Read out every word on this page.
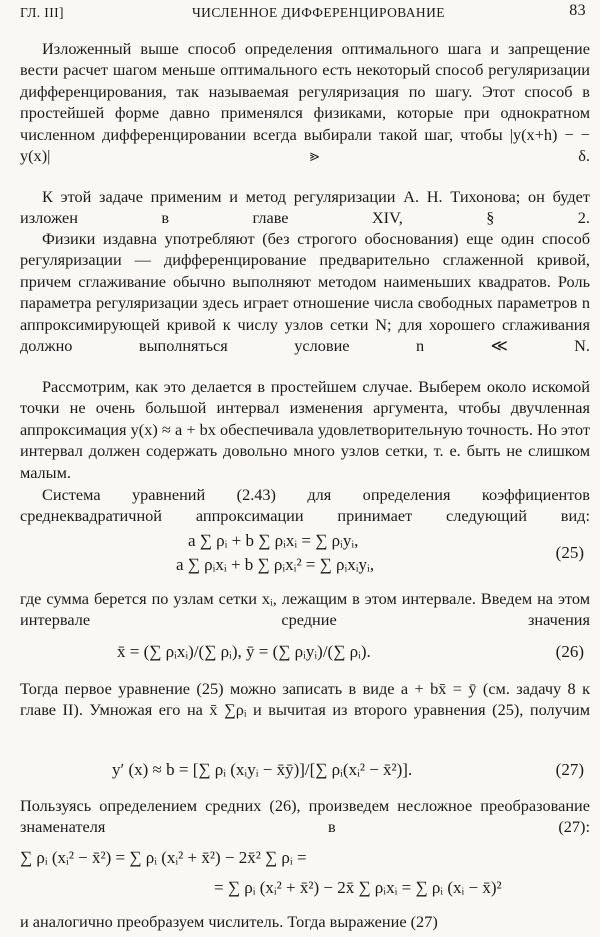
ГЛ. III]	ЧИСЛЕННОЕ ДИФФЕРЕНЦИРОВАНИЕ	83
Изложенный выше способ определения оптимального шага и запрещение вести расчет шагом меньше оптимального есть некоторый способ регуляризации дифференцирования, так называемая регуляризация по шагу. Этот способ в простейшей форме давно применялся физиками, которые при однократном численном дифференцировании всегда выбирали такой шаг, чтобы |y(x+h) − − y(x)| ⪢ δ.
К этой задаче применим и метод регуляризации А. Н. Тихонова; он будет изложен в главе XIV, § 2.
Физики издавна употребляют (без строгого обоснования) еще один способ регуляризации — дифференцирование предварительно сглаженной кривой, причем сглаживание обычно выполняют методом наименьших квадратов. Роль параметра регуляризации здесь играет отношение числа свободных параметров n аппроксимирующей кривой к числу узлов сетки N; для хорошего сглаживания должно выполняться условие n ≪ N.
Рассмотрим, как это делается в простейшем случае. Выберем около искомой точки не очень большой интервал изменения аргумента, чтобы двучленная аппроксимация y(x) ≈ a + bx обеспечивала удовлетворительную точность. Но этот интервал должен содержать довольно много узлов сетки, т. е. быть не слишком малым.
Система уравнений (2.43) для определения коэффициентов среднеквадратичной аппроксимации принимает следующий вид:
a ∑ ρᵢ + b ∑ ρᵢxᵢ = ∑ ρᵢyᵢ,
a ∑ ρᵢxᵢ + b ∑ ρᵢxᵢ² = ∑ ρᵢxᵢyᵢ,
(25)
где сумма берется по узлам сетки xᵢ, лежащим в этом интервале. Введем на этом интервале средние значения
x̄ = (∑ ρᵢxᵢ)/(∑ ρᵢ), ȳ = (∑ ρᵢyᵢ)/(∑ ρᵢ).	(26)
Тогда первое уравнение (25) можно записать в виде a + bx̄ = ȳ (см. задачу 8 к главе II). Умножая его на x̄ ∑ρᵢ и вычитая из второго уравнения (25), получим
y′ (x) ≈ b = [∑ ρᵢ (xᵢyᵢ − x̄ȳ)]/[∑ ρᵢ(xᵢ² − x̄²)].	(27)
Пользуясь определением средних (26), произведем несложное преобразование знаменателя в (27):
∑ ρᵢ (xᵢ² − x̄²) = ∑ ρᵢ (xᵢ² + x̄²) − 2x̄² ∑ ρᵢ =
= ∑ ρᵢ (xᵢ² + x̄²) − 2x̄ ∑ ρᵢxᵢ = ∑ ρᵢ (xᵢ − x̄)²
и аналогично преобразуем числитель. Тогда выражение (27)
